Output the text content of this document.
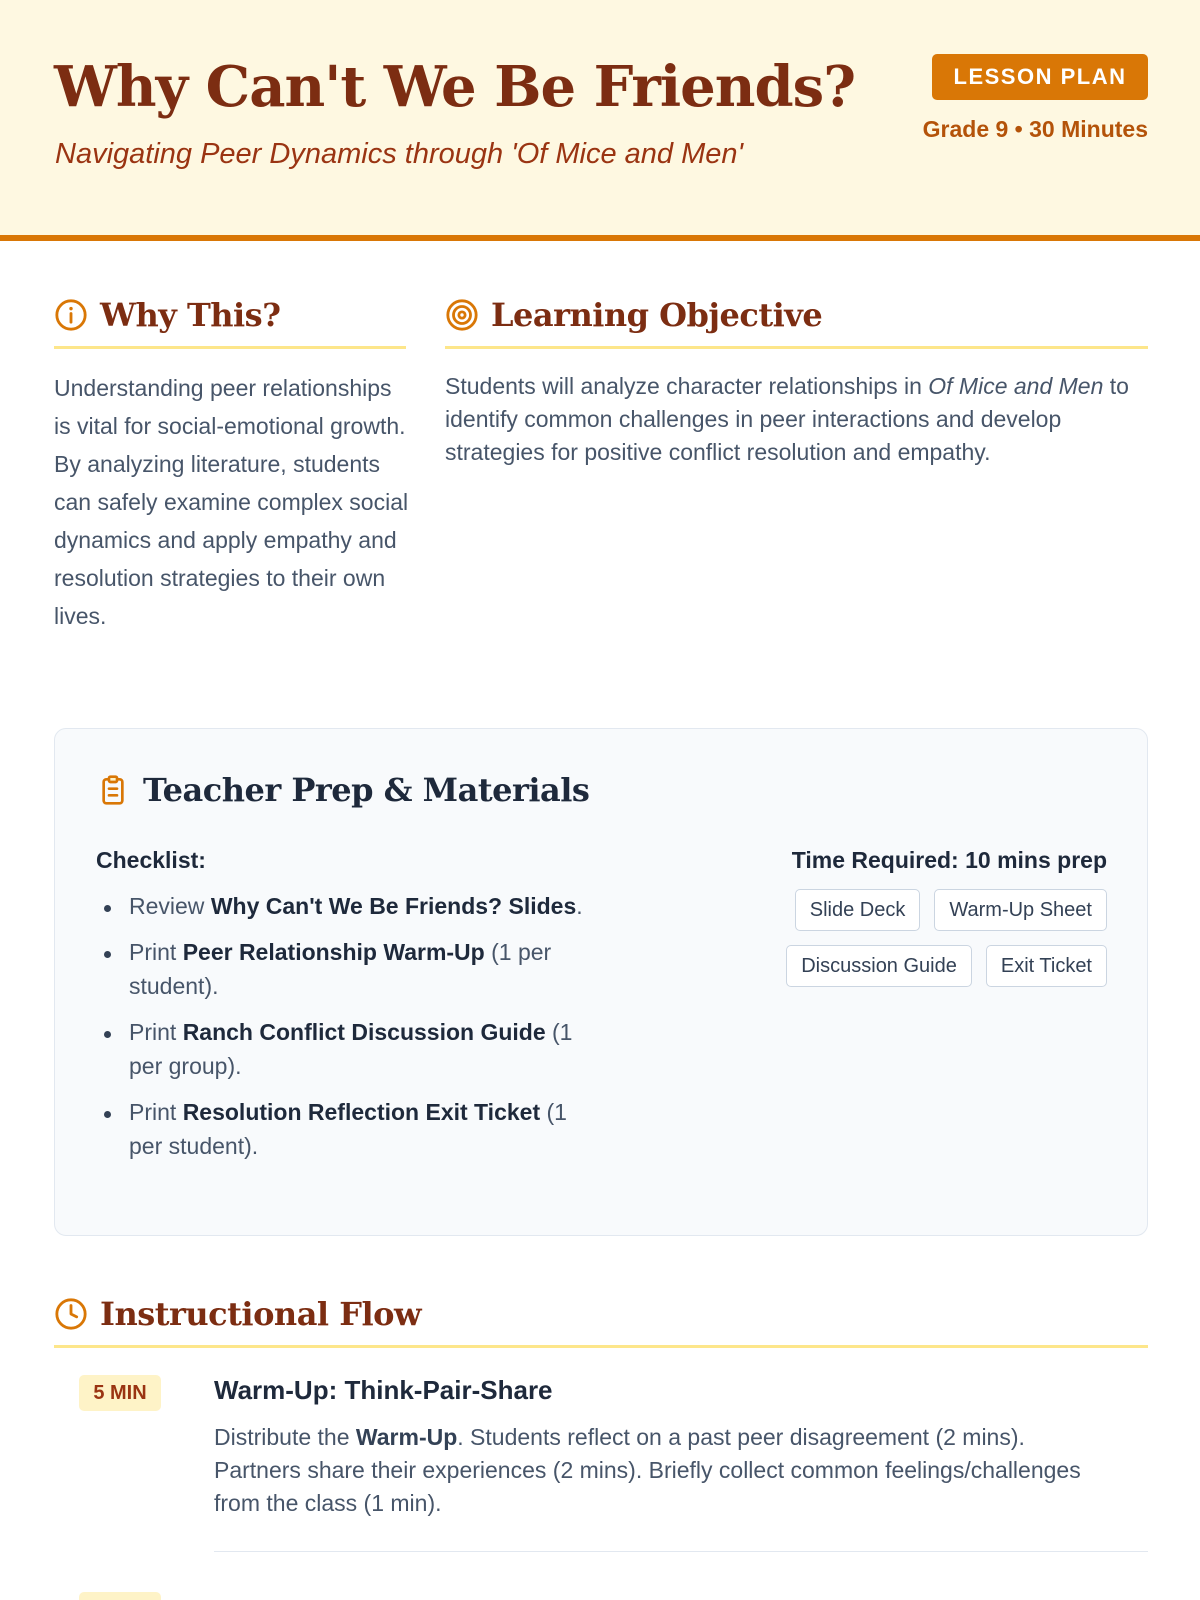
Why Can't We Be Friends?
Navigating Peer Dynamics through 'Of Mice and Men'
LESSON PLAN
Grade 9 • 30 Minutes
Why This?

Understanding peer relationships is vital for social-emotional growth. By analyzing literature, students can safely examine complex social dynamics and apply empathy and resolution strategies to their own lives.

Learning Objective

Students will analyze character relationships in Of Mice and Men to identify common challenges in peer interactions and develop strategies for positive conflict resolution and empathy.

Teacher Prep & Materials
Checklist:
Review Why Can't We Be Friends? Slides.
Print Peer Relationship Warm-Up (1 per student).
Print Ranch Conflict Discussion Guide (1 per group).
Print Resolution Reflection Exit Ticket (1 per student).
Time Required: 10 mins prep
Slide Deck	Warm-Up Sheet
Discussion Guide	Exit Ticket
Instructional Flow
5 MIN	Warm-Up: Think-Pair-Share

Distribute the Warm-Up. Students reflect on a past peer disagreement (2 mins). Partners share their experiences (2 mins). Briefly collect common feelings/challenges from the class (1 min).
